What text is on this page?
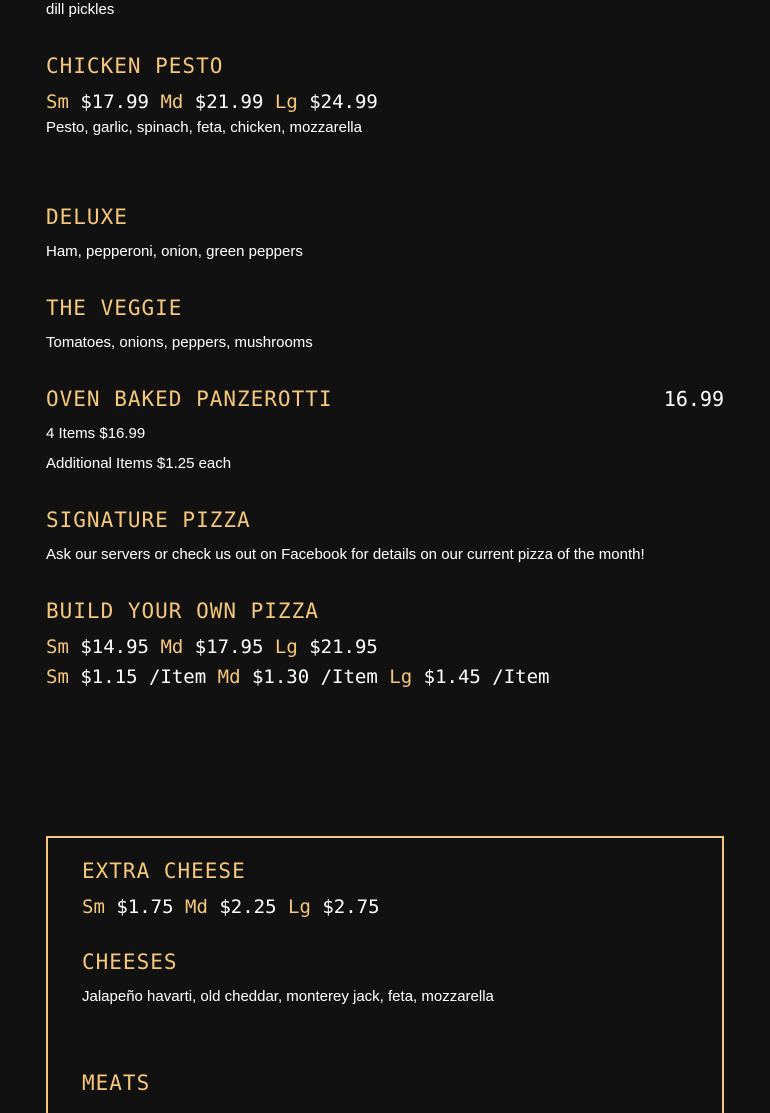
dill pickles
CHICKEN PESTO
Sm $17.99 Md $21.99 Lg $24.99
Pesto, garlic, spinach, feta, chicken, mozzarella
DELUXE
Ham, pepperoni, onion, green peppers
THE VEGGIE
Tomatoes, onions, peppers, mushrooms
OVEN BAKED PANZEROTTI	16.99
4 Items $16.99
Additional Items $1.25 each
SIGNATURE PIZZA
Ask our servers or check us out on Facebook for details on our current pizza of the month!
BUILD YOUR OWN PIZZA
Sm $14.95 Md $17.95 Lg $21.95
Sm $1.15 /Item Md $1.30 /Item Lg $1.45 /Item
EXTRA CHEESE
Sm $1.75 Md $2.25 Lg $2.75
CHEESES
Jalapeño havarti, old cheddar, monterey jack, feta, mozzarella
MEATS
